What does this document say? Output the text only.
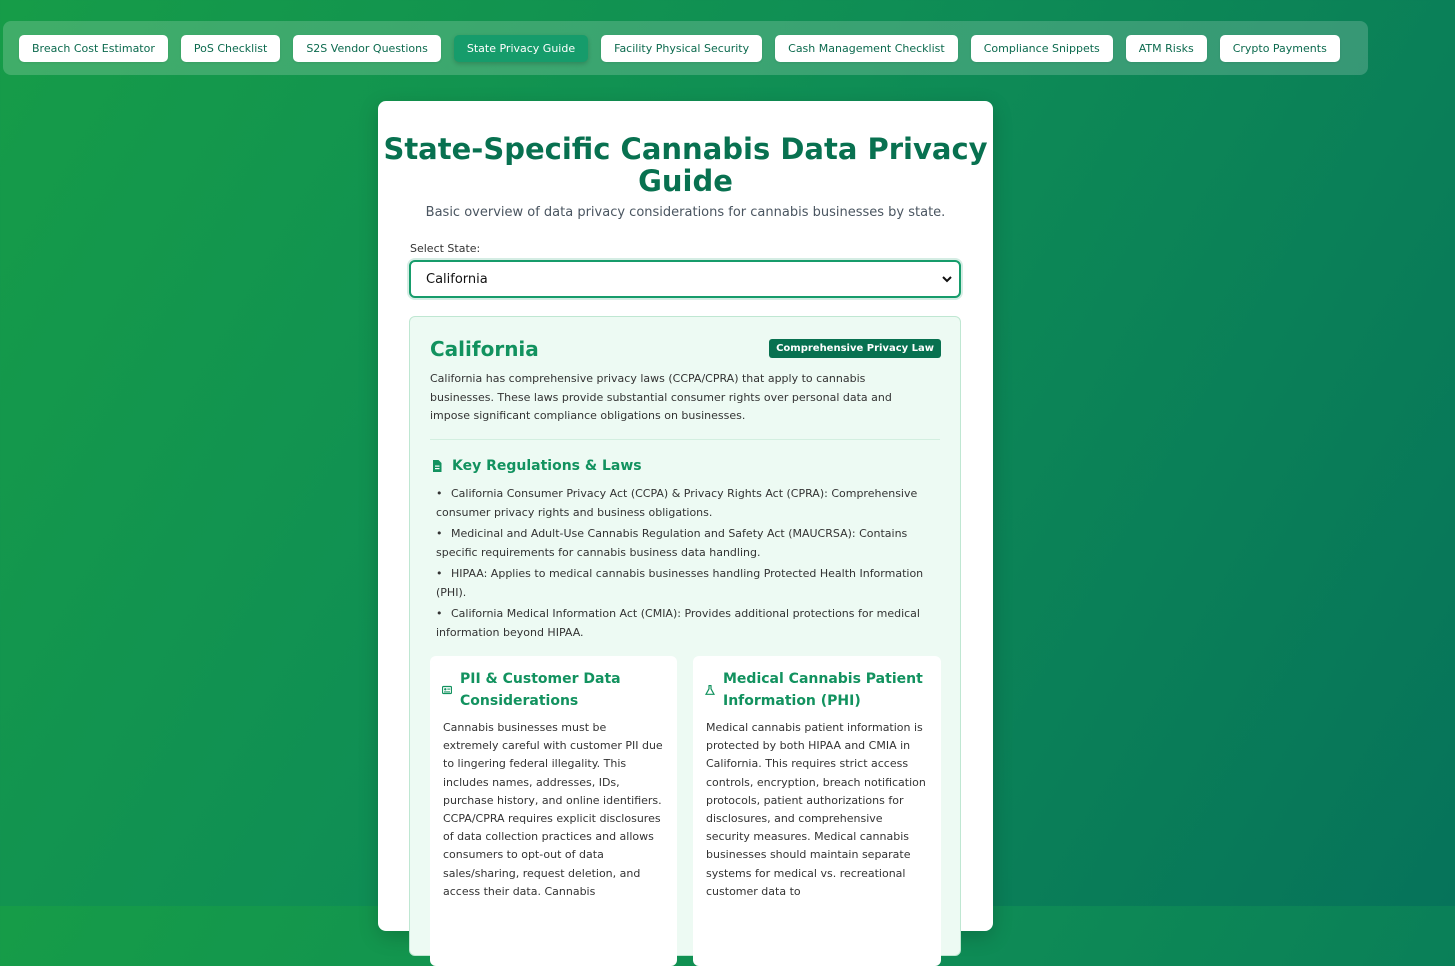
Breach Cost Estimator	PoS Checklist	S2S Vendor Questions	State Privacy Guide	Facility Physical Security	Cash Management Checklist	Compliance Snippets	ATM Risks	Crypto Payments
State-Specific Cannabis Data Privacy Guide

Basic overview of data privacy considerations for cannabis businesses by state.

Select State:
California
California	Comprehensive Privacy Law

California has comprehensive privacy laws (CCPA/CPRA) that apply to cannabis businesses. These laws provide substantial consumer rights over personal data and impose significant compliance obligations on businesses.

Key Regulations & Laws
• California Consumer Privacy Act (CCPA) & Privacy Rights Act (CPRA): Comprehensive consumer privacy rights and business obligations.
• Medicinal and Adult-Use Cannabis Regulation and Safety Act (MAUCRSA): Contains specific requirements for cannabis business data handling.
• HIPAA: Applies to medical cannabis businesses handling Protected Health Information (PHI).
• California Medical Information Act (CMIA): Provides additional protections for medical information beyond HIPAA.
PII & Customer Data Considerations

Cannabis businesses must be extremely careful with customer PII due to lingering federal illegality. This includes names, addresses, IDs, purchase history, and online identifiers. CCPA/CPRA requires explicit disclosures of data collection practices and allows consumers to opt-out of data sales/sharing, request deletion, and access their data. Cannabis

Medical Cannabis Patient Information (PHI)

Medical cannabis patient information is protected by both HIPAA and CMIA in California. This requires strict access controls, encryption, breach notification protocols, patient authorizations for disclosures, and comprehensive security measures. Medical cannabis businesses should maintain separate systems for medical vs. recreational customer data to
